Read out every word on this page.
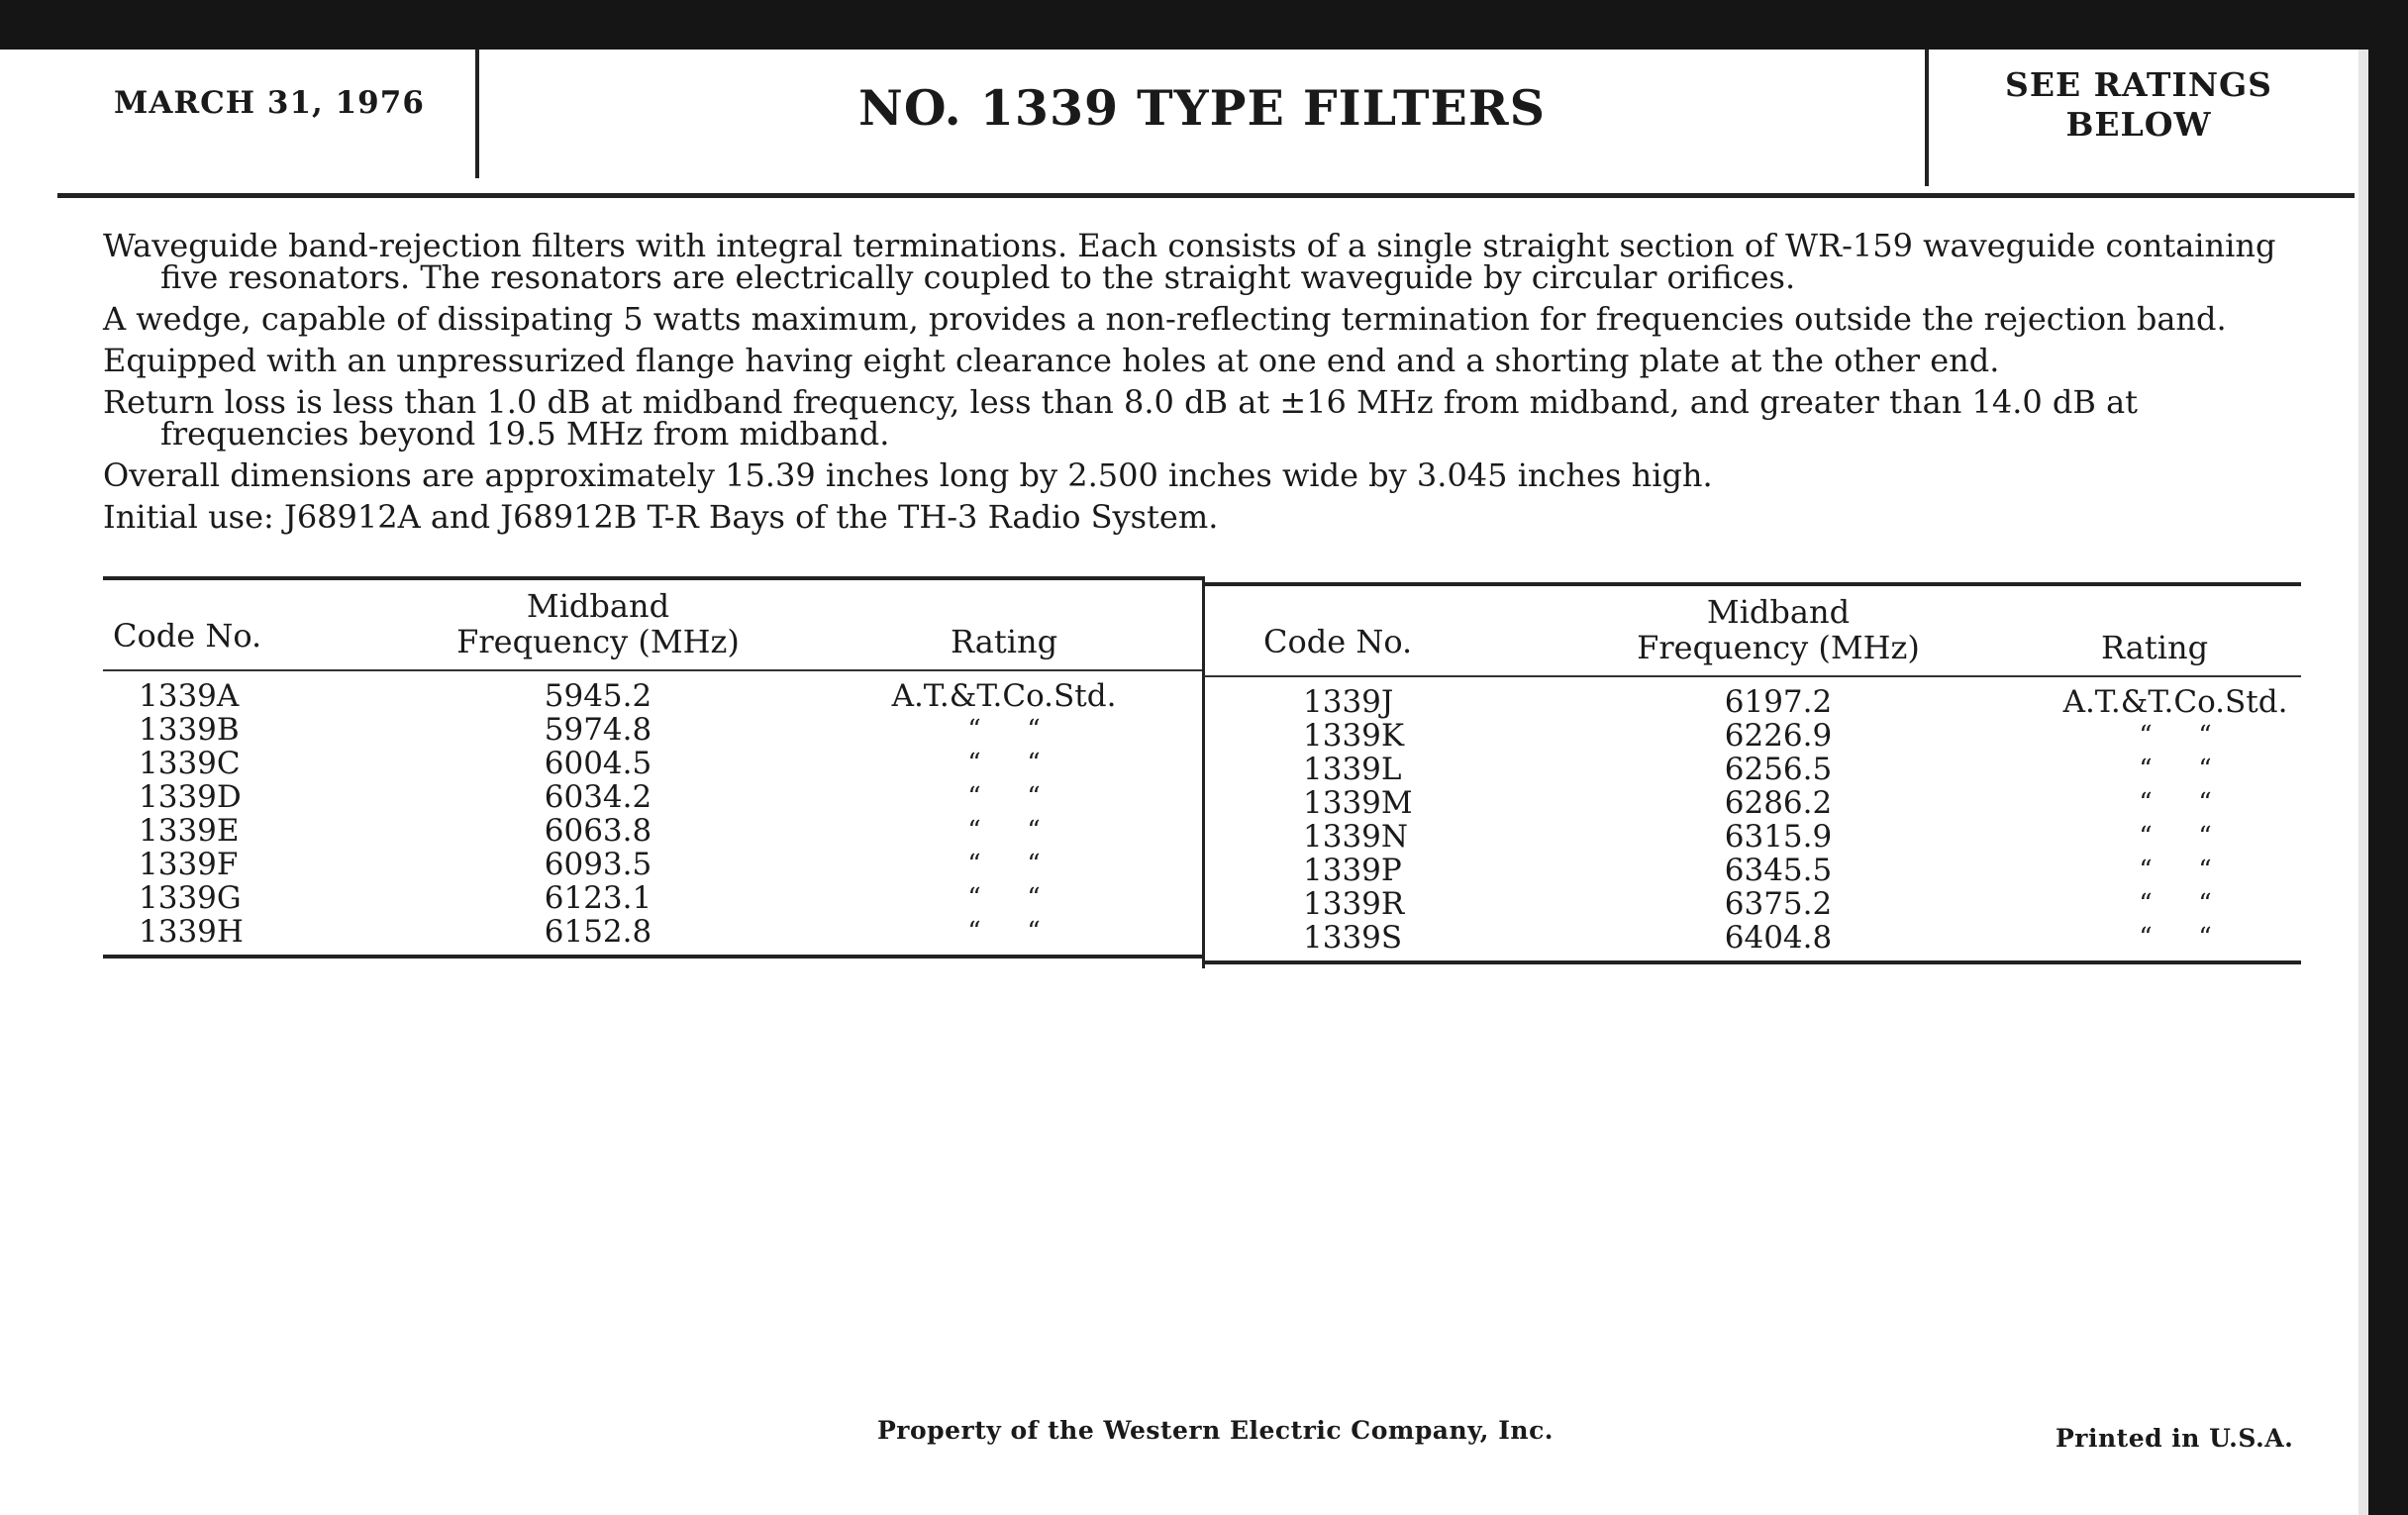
MARCH 31, 1976	NO. 1339 TYPE FILTERS	SEE RATINGS
BELOW

Waveguide band-rejection filters with integral terminations. Each consists of a single straight section of WR-159 waveguide containing five resonators. The resonators are electrically coupled to the straight waveguide by circular orifices.

A wedge, capable of dissipating 5 watts maximum, provides a non-reflecting termination for frequencies outside the rejection band.

Equipped with an unpressurized flange having eight clearance holes at one end and a shorting plate at the other end.

Return loss is less than 1.0 dB at midband frequency, less than 8.0 dB at ±16 MHz from midband, and greater than 14.0 dB at frequencies beyond 19.5 MHz from midband.

Overall dimensions are approximately 15.39 inches long by 2.500 inches wide by 3.045 inches high.

Initial use: J68912A and J68912B T-R Bays of the TH-3 Radio System.

Code No.
Midband
Frequency (MHz)	Rating
1339A	5945.2	A.T.&T.Co.Std.
1339B	5974.8	“ “
1339C	6004.5	“ “
1339D	6034.2	“ “
1339E	6063.8	“ “
1339F	6093.5	“ “
1339G	6123.1	“ “
1339H	6152.8	“ “
Code No.
Midband
Frequency (MHz)	Rating
1339J	6197.2	A.T.&T.Co.Std.
1339K	6226.9	“ “
1339L	6256.5	“ “
1339M	6286.2	“ “
1339N	6315.9	“ “
1339P	6345.5	“ “
1339R	6375.2	“ “
1339S	6404.8	“ “
Property of the Western Electric Company, Inc.	Printed in U.S.A.
